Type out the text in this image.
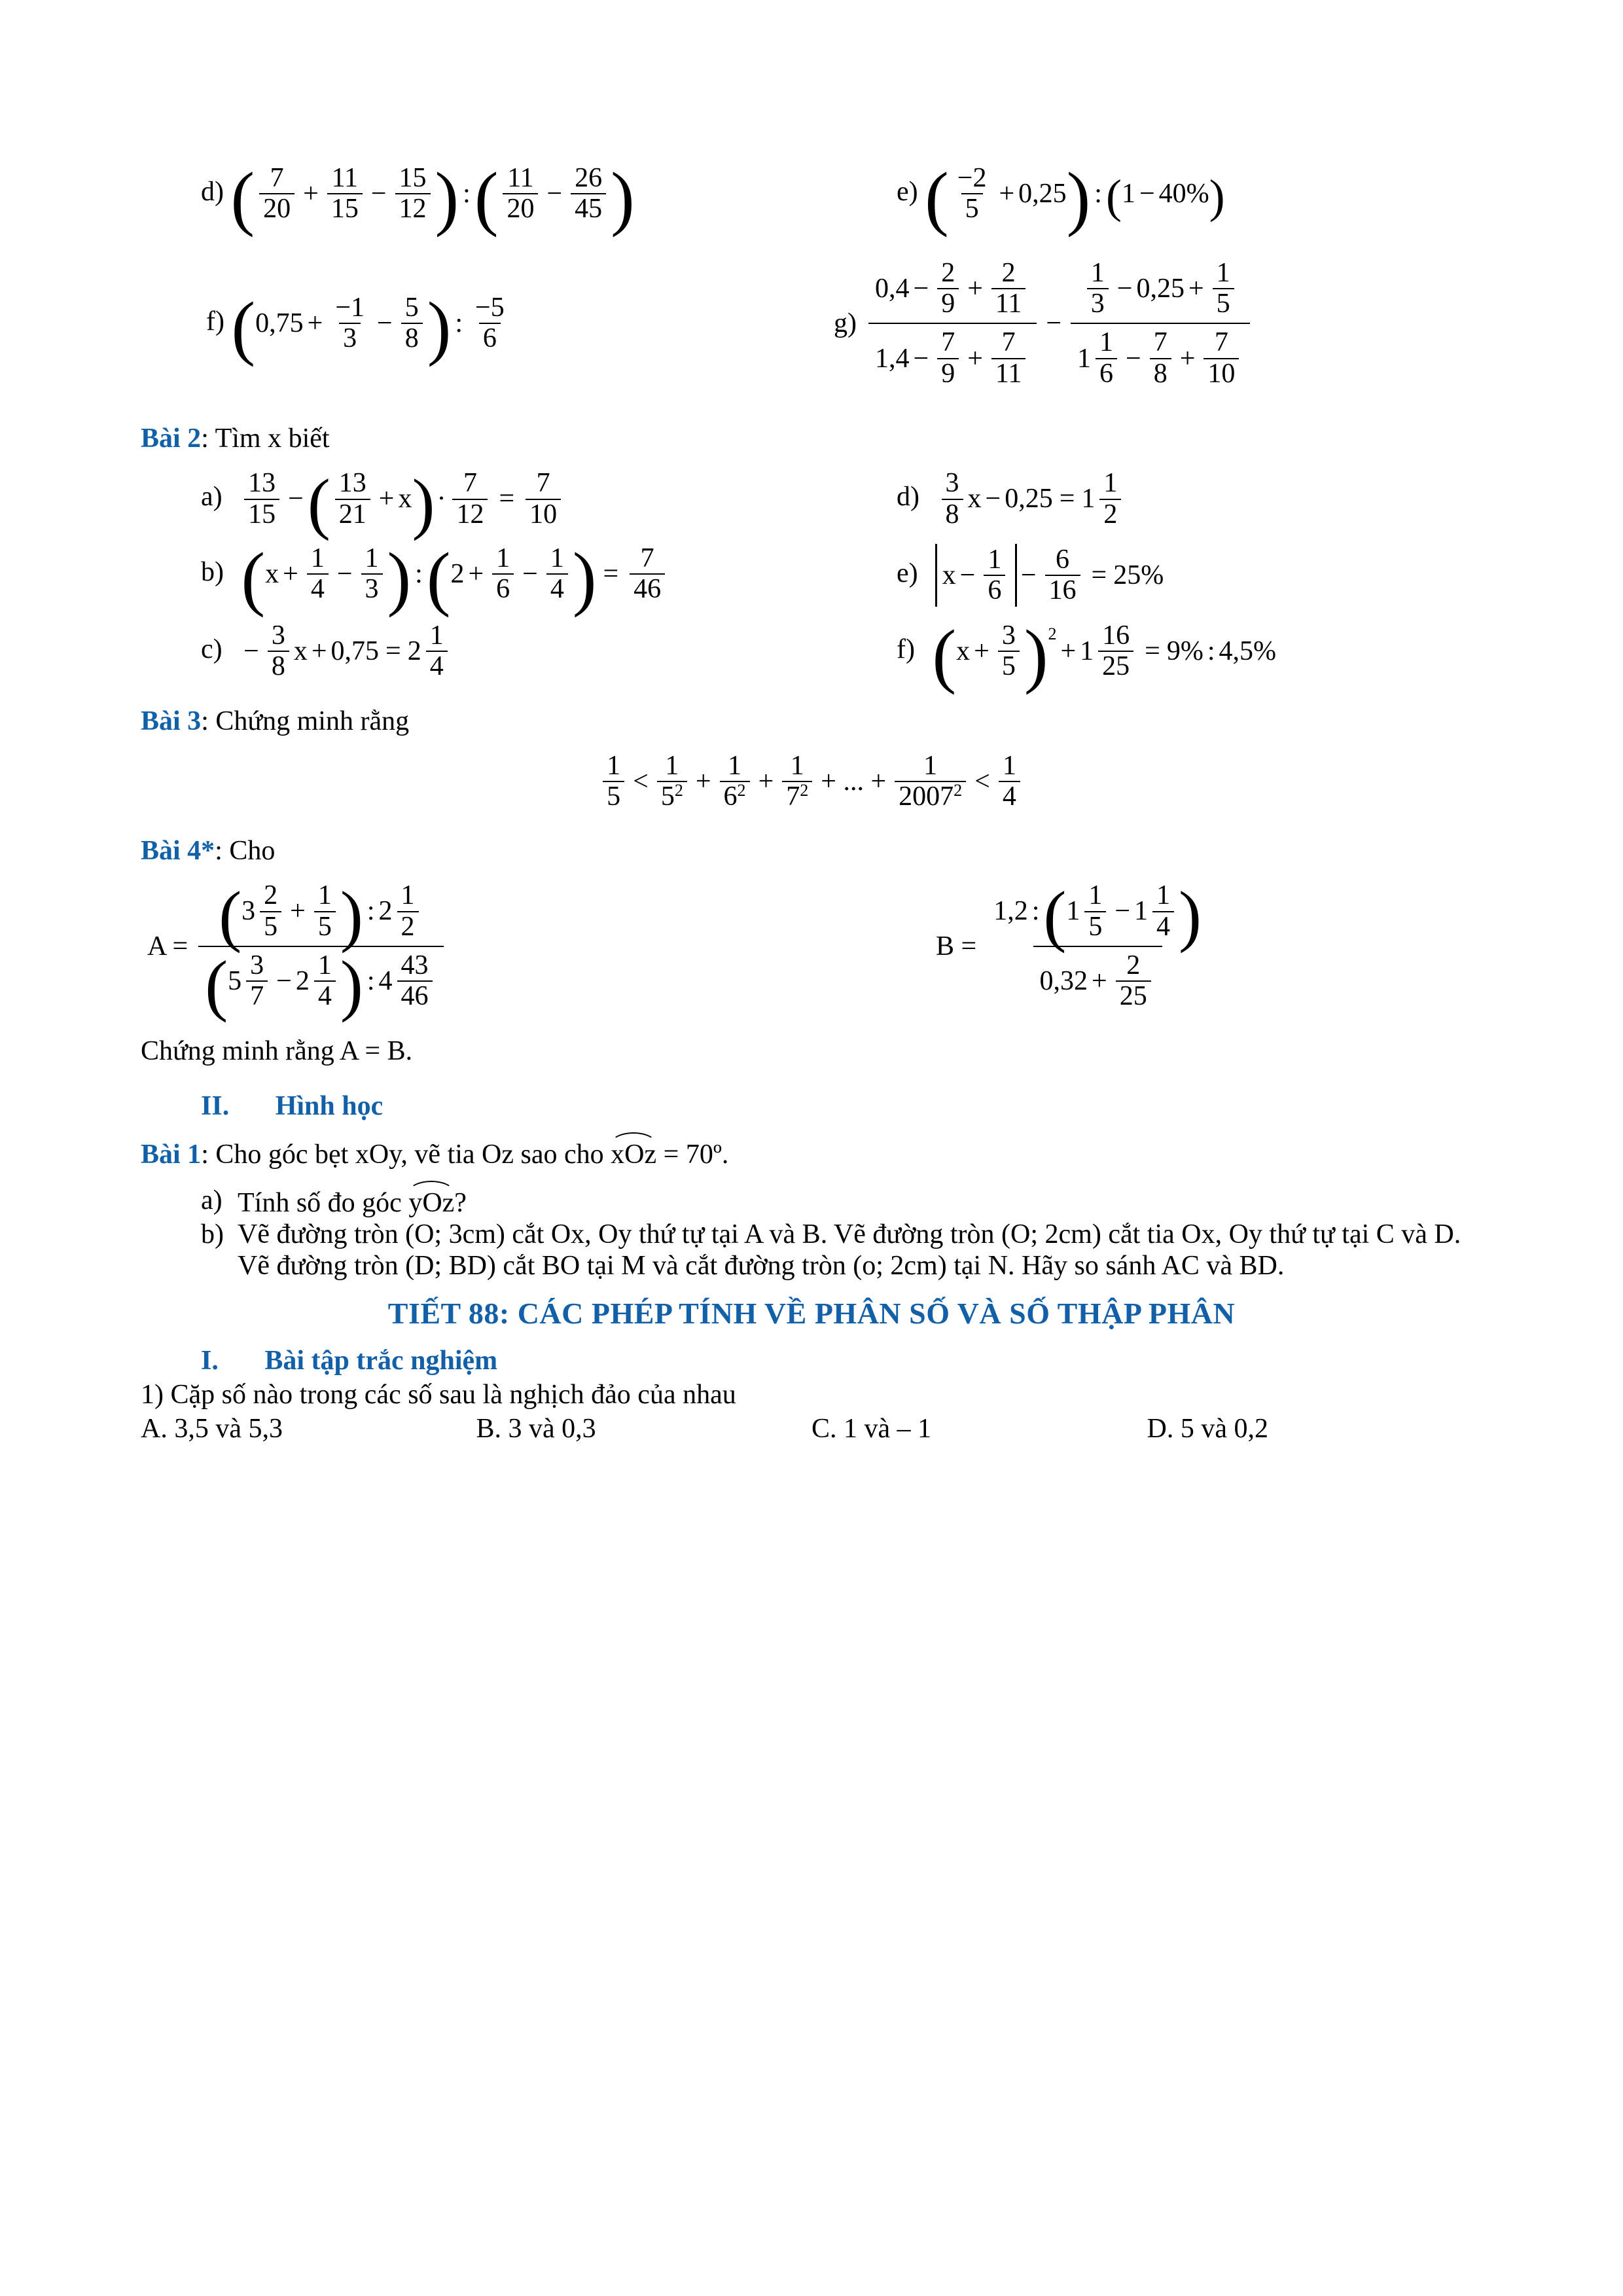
d) ( $\frac{7}{20} + \frac{11}{15} - \frac{15}{12}$ ) : ( $\frac{11}{20} - \frac{26}{45}$ )	e) ( $\frac{-2}{5} + 0,25$ ) : ( 1 − 40% )
f) ( $0,75 + \frac{-1}{3} - \frac{5}{8}$ ) : $\frac{-5}{6}$	g)
$0,4 - \frac{2}{9} + \frac{2}{11}$
$1,4 - \frac{7}{9} + \frac{7}{11}$
−
$\frac{1}{3} - 0,25 + \frac{1}{5}$
$1 \frac{1}{6} - \frac{7}{8} + \frac{7}{10}$
Bài 2: Tìm x biết
$a) \frac{13}{15}$ − ( $\frac{13}{21} + x$ ) · $\frac{7}{12} = \frac{7}{10}$	$d) \frac{3}{8}$ $x - 0,25 = 1 \frac{1}{2}$
b) ( $x + \frac{1}{4} - \frac{1}{3}$ ) : ( $2 + \frac{1}{6} - \frac{1}{4}$ ) = $\frac{7}{46}$	e) $x - \frac{1}{6} - \frac{6}{16} = 25\%$
$c) - \frac{3}{8}$ $x + 0,75 = 2 \frac{1}{4}$	f) ( $x + \frac{3}{5}$ ) 2
+ $1 \frac{16}{25} = 9\%$ : 4,5%
Bài 3: Chứng minh rằng
$\frac{1}{5} < \frac{1}{5 2} + \frac{1}{6 2} + \frac{1}{7 2}$ + ... + $\frac{1}{2007 2} < \frac{1}{4}$
Bài 4*: Cho
A = ( $3 \frac{2}{5} + \frac{1}{5}$ ) : $2 \frac{1}{2}$
( $5 \frac{3}{7} - 2 \frac{1}{4}$ ) : $4 \frac{43}{46}$
B =
1,2 : ( $1 \frac{1}{5} - 1 \frac{1}{4}$ )
$0,32 + \frac{2}{25}$
Chứng minh rằng A = B.
II. Hình học
Bài 1: Cho góc bẹt xOy, vẽ tia Oz sao cho xOz = 70º.
a) Tính số đo góc yOz?
b) Vẽ đường tròn (O; 3cm) cắt Ox, Oy thứ tự tại A và B. Vẽ đường tròn (O; 2cm) cắt tia Ox, Oy thứ tự tại C và D. Vẽ đường tròn (D; BD) cắt BO tại M và cắt đường tròn (o; 2cm) tại N. Hãy so sánh AC và BD.
TIẾT 88: CÁC PHÉP TÍNH VỀ PHÂN SỐ VÀ SỐ THẬP PHÂN
I. Bài tập trắc nghiệm
1) Cặp số nào trong các số sau là nghịch đảo của nhau
A. 3,5 và 5,3	B. 3 và 0,3	C. 1 và – 1	D. 5 và 0,2
